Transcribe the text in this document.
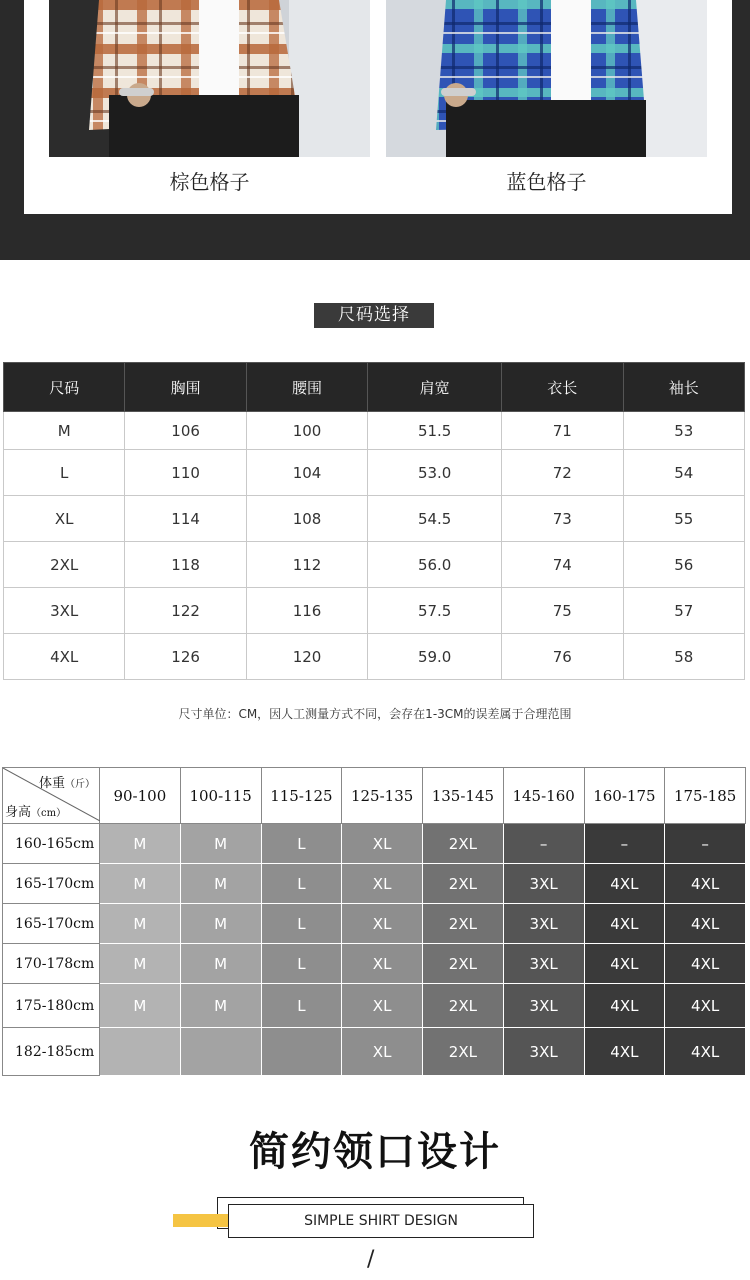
棕色格子	蓝色格子
尺码选择
尺码	胸围	腰围	肩宽	衣长	袖长
M	106	100	51.5	71	53
L	110	104	53.0	72	54
XL	114	108	54.5	73	55
2XL	118	112	56.0	74	56
3XL	122	116	57.5	75	57
4XL	126	120	59.0	76	58
尺寸单位：CM，因人工测量方式不同，会存在1-3CM的误差属于合理范围
体重（斤）
身高（cm）	90-100	100-115	115-125	125-135	135-145	145-160	160-175	175-185
160-165cm	M	M	L	XL	2XL	–	–	–
165-170cm	M	M	L	XL	2XL	3XL	4XL	4XL
165-170cm	M	M	L	XL	2XL	3XL	4XL	4XL
170-178cm	M	M	L	XL	2XL	3XL	4XL	4XL
175-180cm	M	M	L	XL	2XL	3XL	4XL	4XL
182-185cm				XL	2XL	3XL	4XL	4XL
简约领口设计
SIMPLE SHIRT DESIGN
/
